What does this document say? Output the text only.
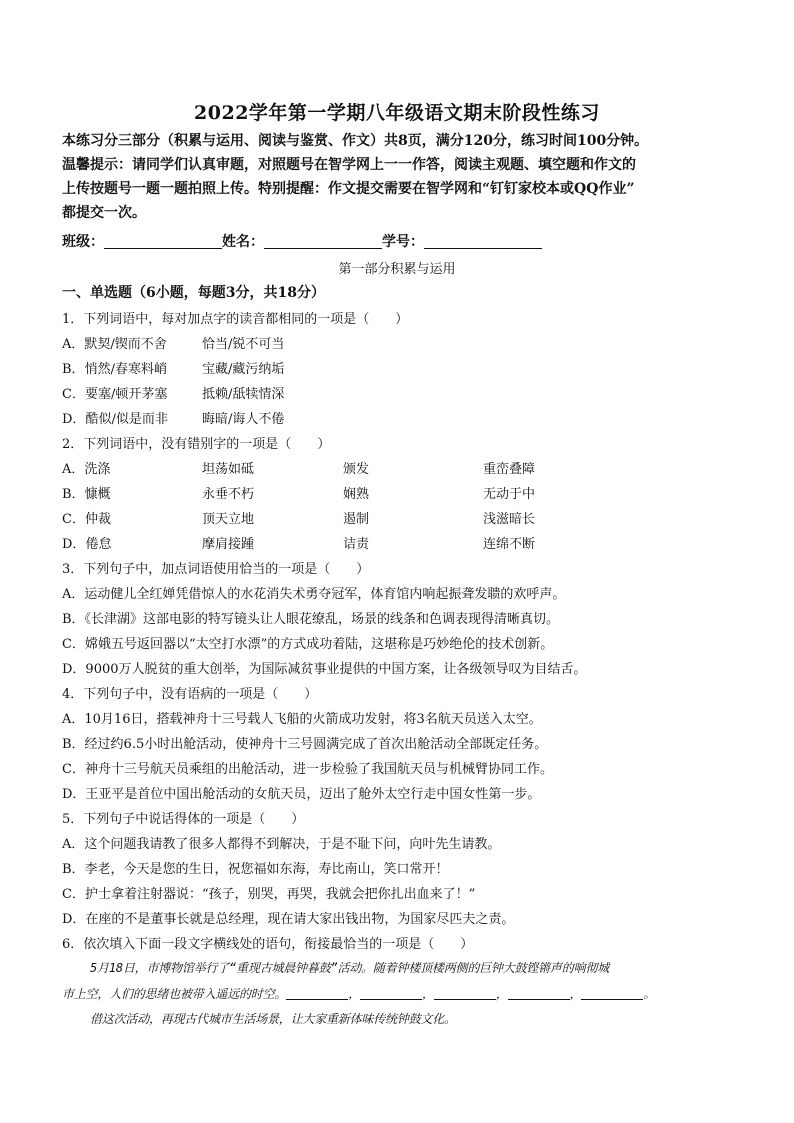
2022学年第一学期八年级语文期末阶段性练习
本练习分三部分（积累与运用、阅读与鉴赏、作文）共8页，满分120分，练习时间100分钟。
温馨提示：请同学们认真审题，对照题号在智学网上一一作答，阅读主观题、填空题和作文的
上传按题号一题一题拍照上传。特别提醒：作文提交需要在智学网和“钉钉家校本或QQ作业”
都提交一次。
班级：	姓名：	学号：
第一部分积累与运用
一、单选题（6小题，每题3分，共18分）
1．下列词语中，每对加点字的读音都相同的一项是（　　）
A．默契/锲而不舍	恰当/锐不可当
B．悄然/春寒料峭	宝藏/藏污纳垢
C．要塞/顿开茅塞	抵赖/舐犊情深
D．酷似/似是而非	晦暗/诲人不倦
2．下列词语中，没有错别字的一项是（　　）
A．洗涤	坦荡如砥	颁发	重峦叠障
B．慷概	永垂不朽	娴熟	无动于中
C．仲裁	顶天立地	遏制	浅滋暗长
D．倦怠	摩肩接踵	诘责	连绵不断
3．下列句子中，加点词语使用恰当的一项是（　　）
A．运动健儿全红婵凭借惊人的水花消失术勇夺冠军，体育馆内响起振聋发聩的欢呼声。
B．《长津湖》这部电影的特写镜头让人眼花缭乱，场景的线条和色调表现得清晰真切。
C．嫦娥五号返回器以“太空打水漂”的方式成功着陆，这堪称是巧妙绝伦的技术创新。
D．9000万人脱贫的重大创举，为国际减贫事业提供的中国方案，让各级领导叹为目结舌。
4．下列句子中，没有语病的一项是（　　）
A．10月16日，搭载神舟十三号载人飞船的火箭成功发射，将3名航天员送入太空。
B．经过约6.5小时出舱活动，使神舟十三号圆满完成了首次出舱活动全部既定任务。
C．神舟十三号航天员乘组的出舱活动，进一步检验了我国航天员与机械臂协同工作。
D．王亚平是首位中国出舱活动的女航天员，迈出了舱外太空行走中国女性第一步。
5．下列句子中说话得体的一项是（　　）
A．这个问题我请教了很多人都得不到解决，于是不耻下问，向叶先生请教。
B．李老，今天是您的生日，祝您福如东海，寿比南山，笑口常开！
C．护士拿着注射器说：“孩子，别哭，再哭，我就会把你扎出血来了！”
D．在座的不是董事长就是总经理，现在请大家出钱出物，为国家尽匹夫之责。
6．依次填入下面一段文字横线处的语句，衔接最恰当的一项是（　　）
5月18日，市博物馆举行了“重现古城晨钟暮鼓”活动。随着钟楼顶楼两侧的巨钟大鼓铿锵声的响彻城
市上空，人们的思绪也被带入遥远的时空。	，	，	，	，	。
借这次活动，再现古代城市生活场景，让大家重新体味传统钟鼓文化。
